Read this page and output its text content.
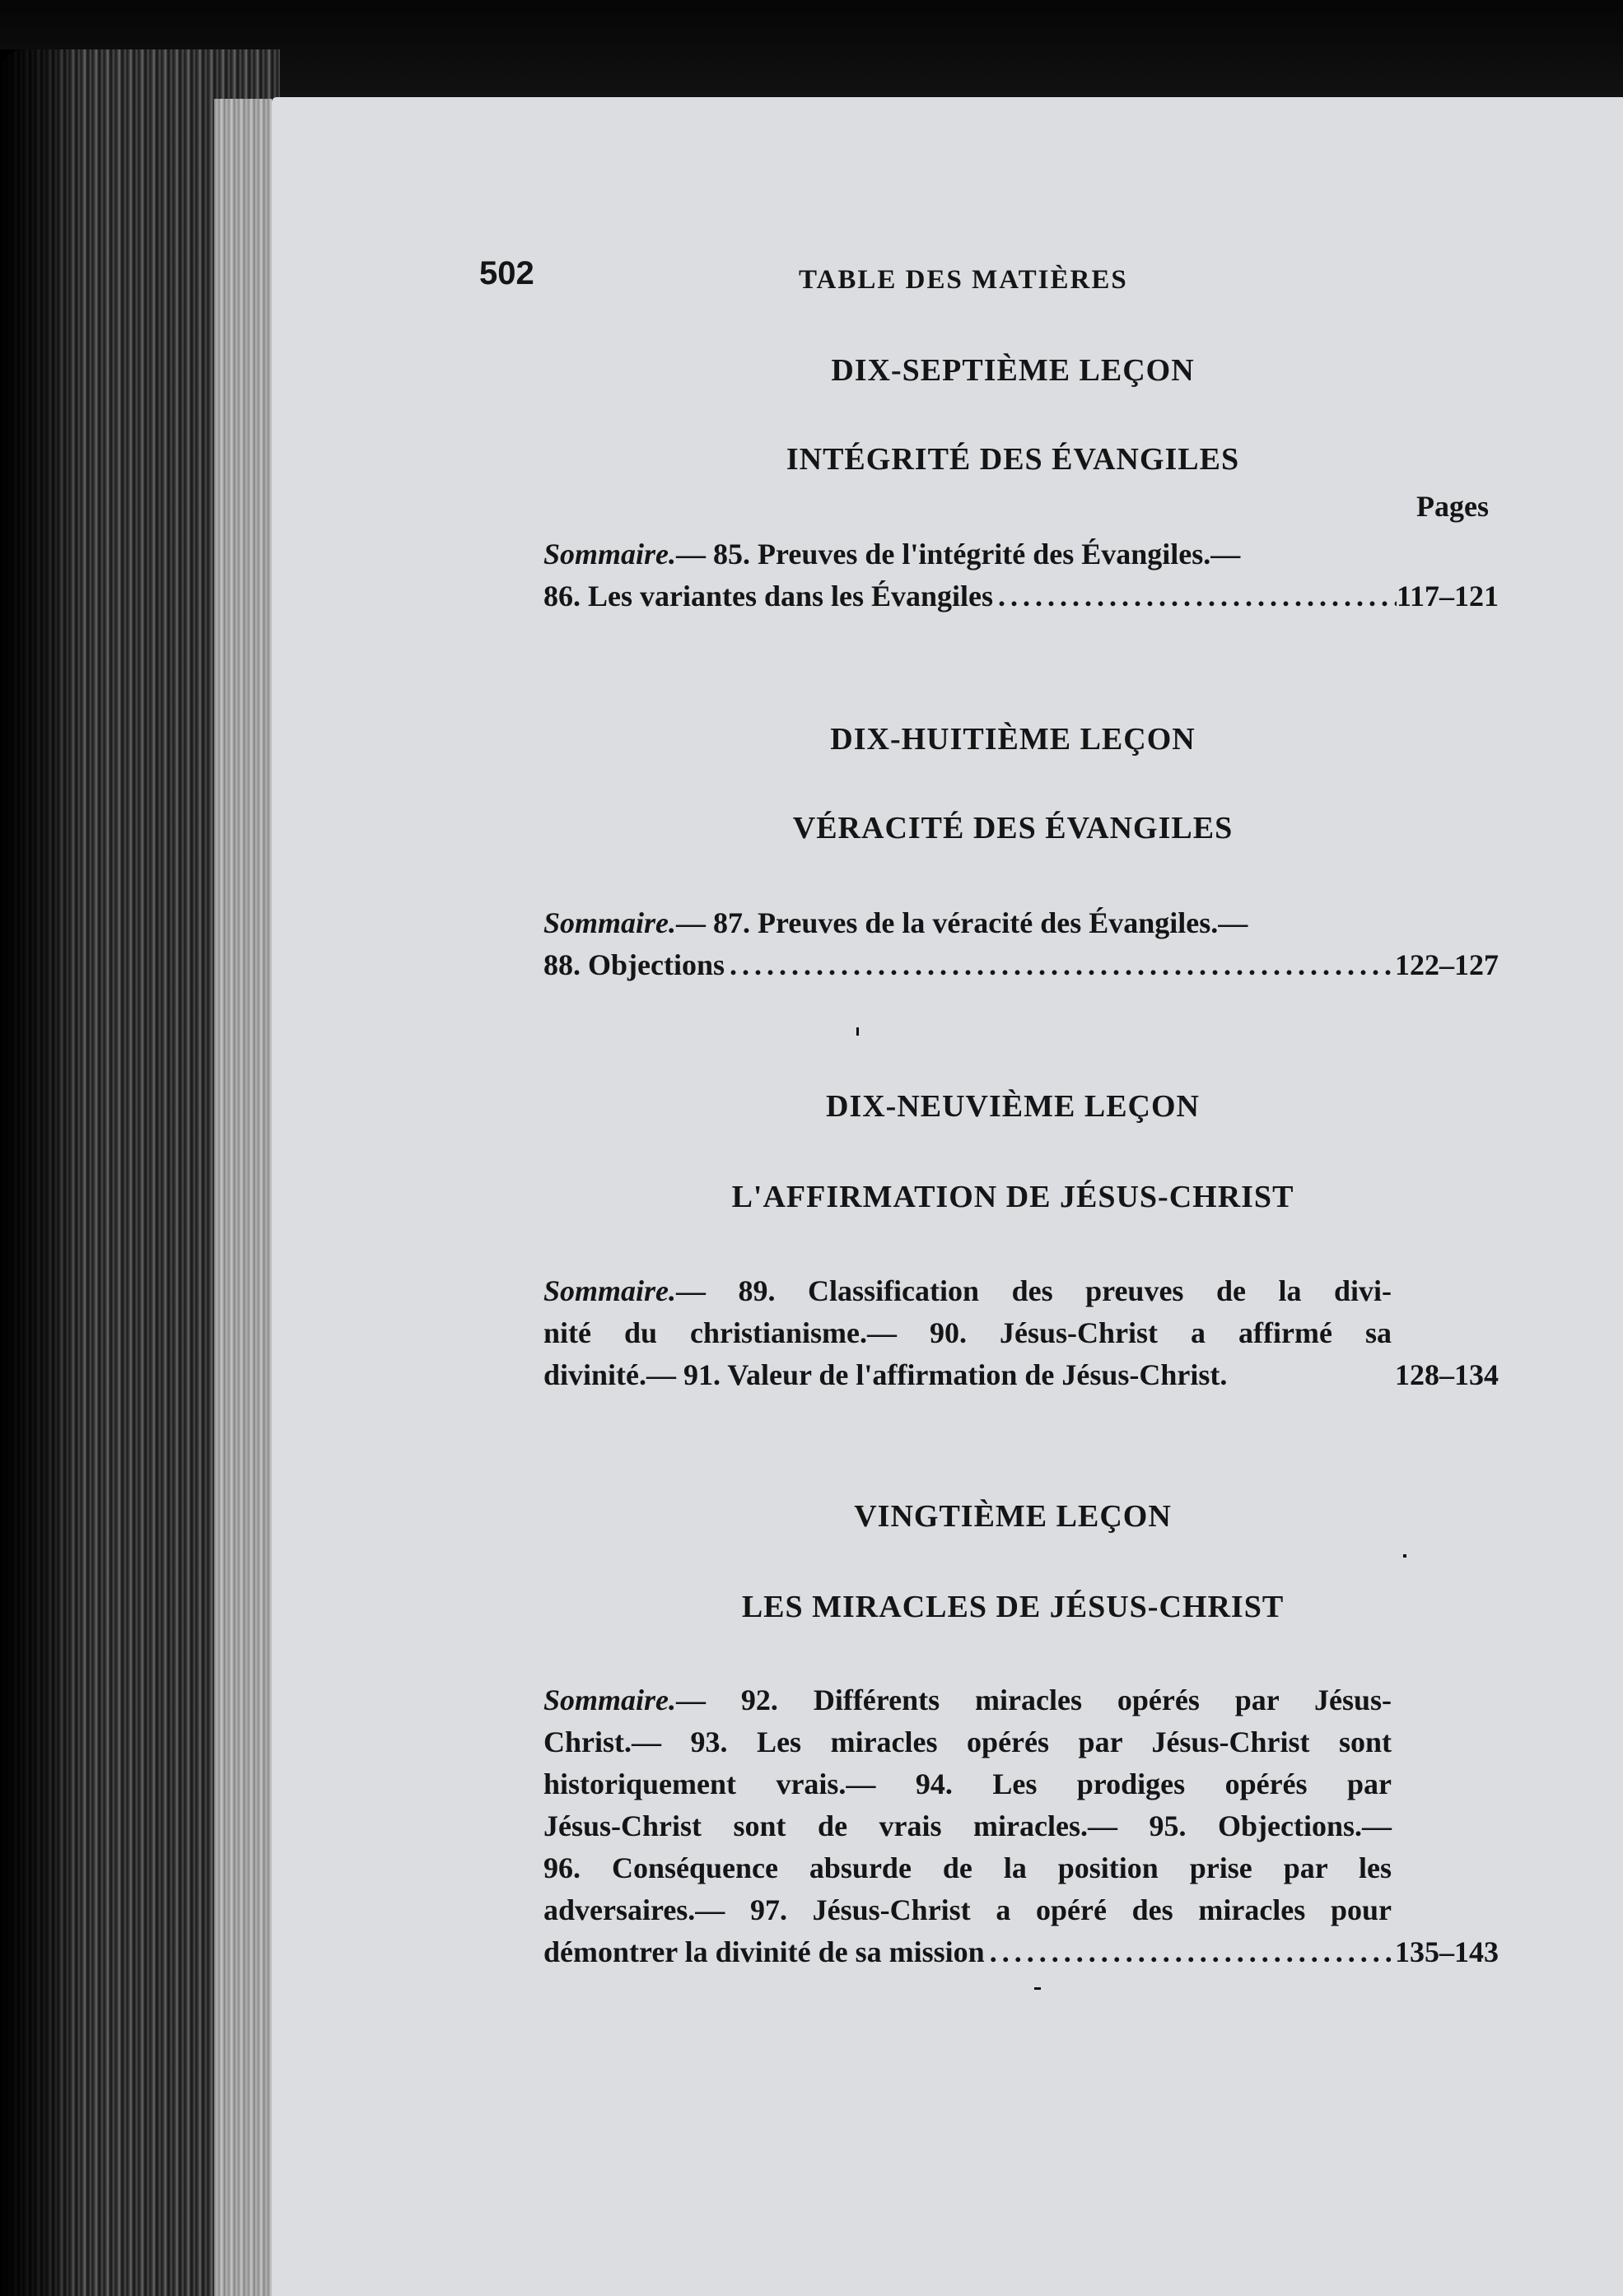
502	TABLE DES MATIÈRES
DIX-SEPTIÈME LEÇON
INTÉGRITÉ DES ÉVANGILES
Pages
Sommaire. — 85. Preuves de l'intégrité des Évangiles.—
86. Les variantes dans les Évangiles .....	117–121
DIX-HUITIÈME LEÇON
VÉRACITÉ DES ÉVANGILES
Sommaire. — 87. Preuves de la véracité des Évangiles.—
88. Objections .....	122–127
DIX-NEUVIÈME LEÇON
L'AFFIRMATION DE JÉSUS-CHRIST
Sommaire.— 89. Classification des preuves de la divi-
nité du christianisme.— 90. Jésus-Christ a affirmé sa
divinité.— 91. Valeur de l'affirmation de Jésus-Christ.	128–134
VINGTIÈME LEÇON
LES MIRACLES DE JÉSUS-CHRIST
Sommaire.— 92. Différents miracles opérés par Jésus-
Christ.— 93. Les miracles opérés par Jésus-Christ sont
historiquement vrais.— 94. Les prodiges opérés par
Jésus-Christ sont de vrais miracles.— 95. Objections.—
96. Conséquence absurde de la position prise par les
adversaires.— 97. Jésus-Christ a opéré des miracles pour
démontrer la divinité de sa mission .....	135–143
